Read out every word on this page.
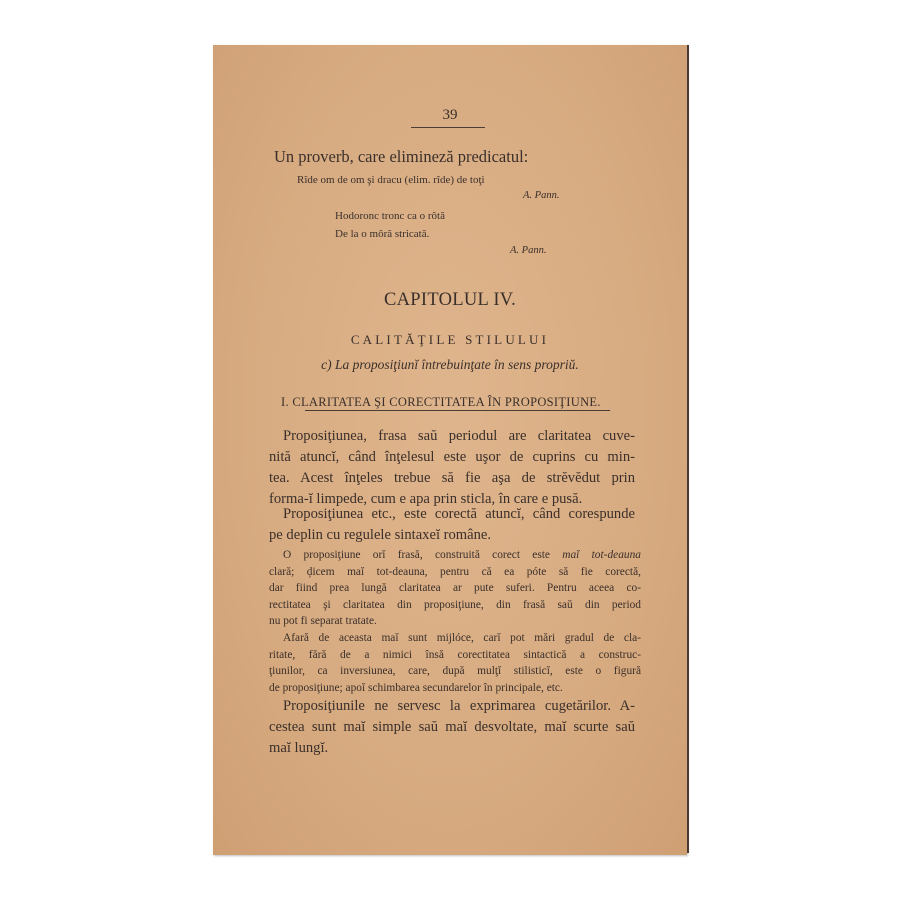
39
Un proverb, care elimineză predicatul:
Rîde om de om şi dracu (elim. rîde) de toţi
A. Pann.
Hodoronc tronc ca o rôtă
De la o môră stricată.
A. Pann.
CAPITOLUL IV.
CALITĂŢILE STILULUI
c) La proposiţiunĭ întrebuinţate în sens propriŭ.
I. CLARITATEA ŞI CORECTITATEA ÎN PROPOSIŢIUNE.
Proposiţiunea, frasa saŭ periodul are claritatea cuve-
nită atuncĭ, când înţelesul este uşor de cuprins cu min-
tea. Acest înţeles trebue să fie aşa de strĕvĕdut prin
forma-ĭ limpede, cum e apa prin sticla, în care e pusă.
Proposiţiunea etc., este corectă atuncĭ, când corespunde
pe deplin cu regulele sintaxeĭ române.
O proposiţiune orĭ frasă, construită corect este maĭ tot-deauna
clară; ḑicem maĭ tot-deauna, pentru că ea póte să fie corectă,
dar fiind prea lungă claritatea ar pute suferi. Pentru aceea co-
rectitatea şi claritatea din proposiţiune, din frasă saŭ din period
nu pot fi separat tratate.
Afară de aceasta maĭ sunt mijlóce, carĭ pot mări gradul de cla-
ritate, fără de a nimici însă corectitatea sintactică a construc-
ţiunilor, ca inversiunea, care, după mulţĭ stilisticĭ, este o figură
de proposiţiune; apoĭ schimbarea secundarelor în principale, etc.
Proposiţiunile ne servesc la exprimarea cugetărilor. A-
cestea sunt maĭ simple saŭ maĭ desvoltate, maĭ scurte saŭ
maĭ lungĭ.
